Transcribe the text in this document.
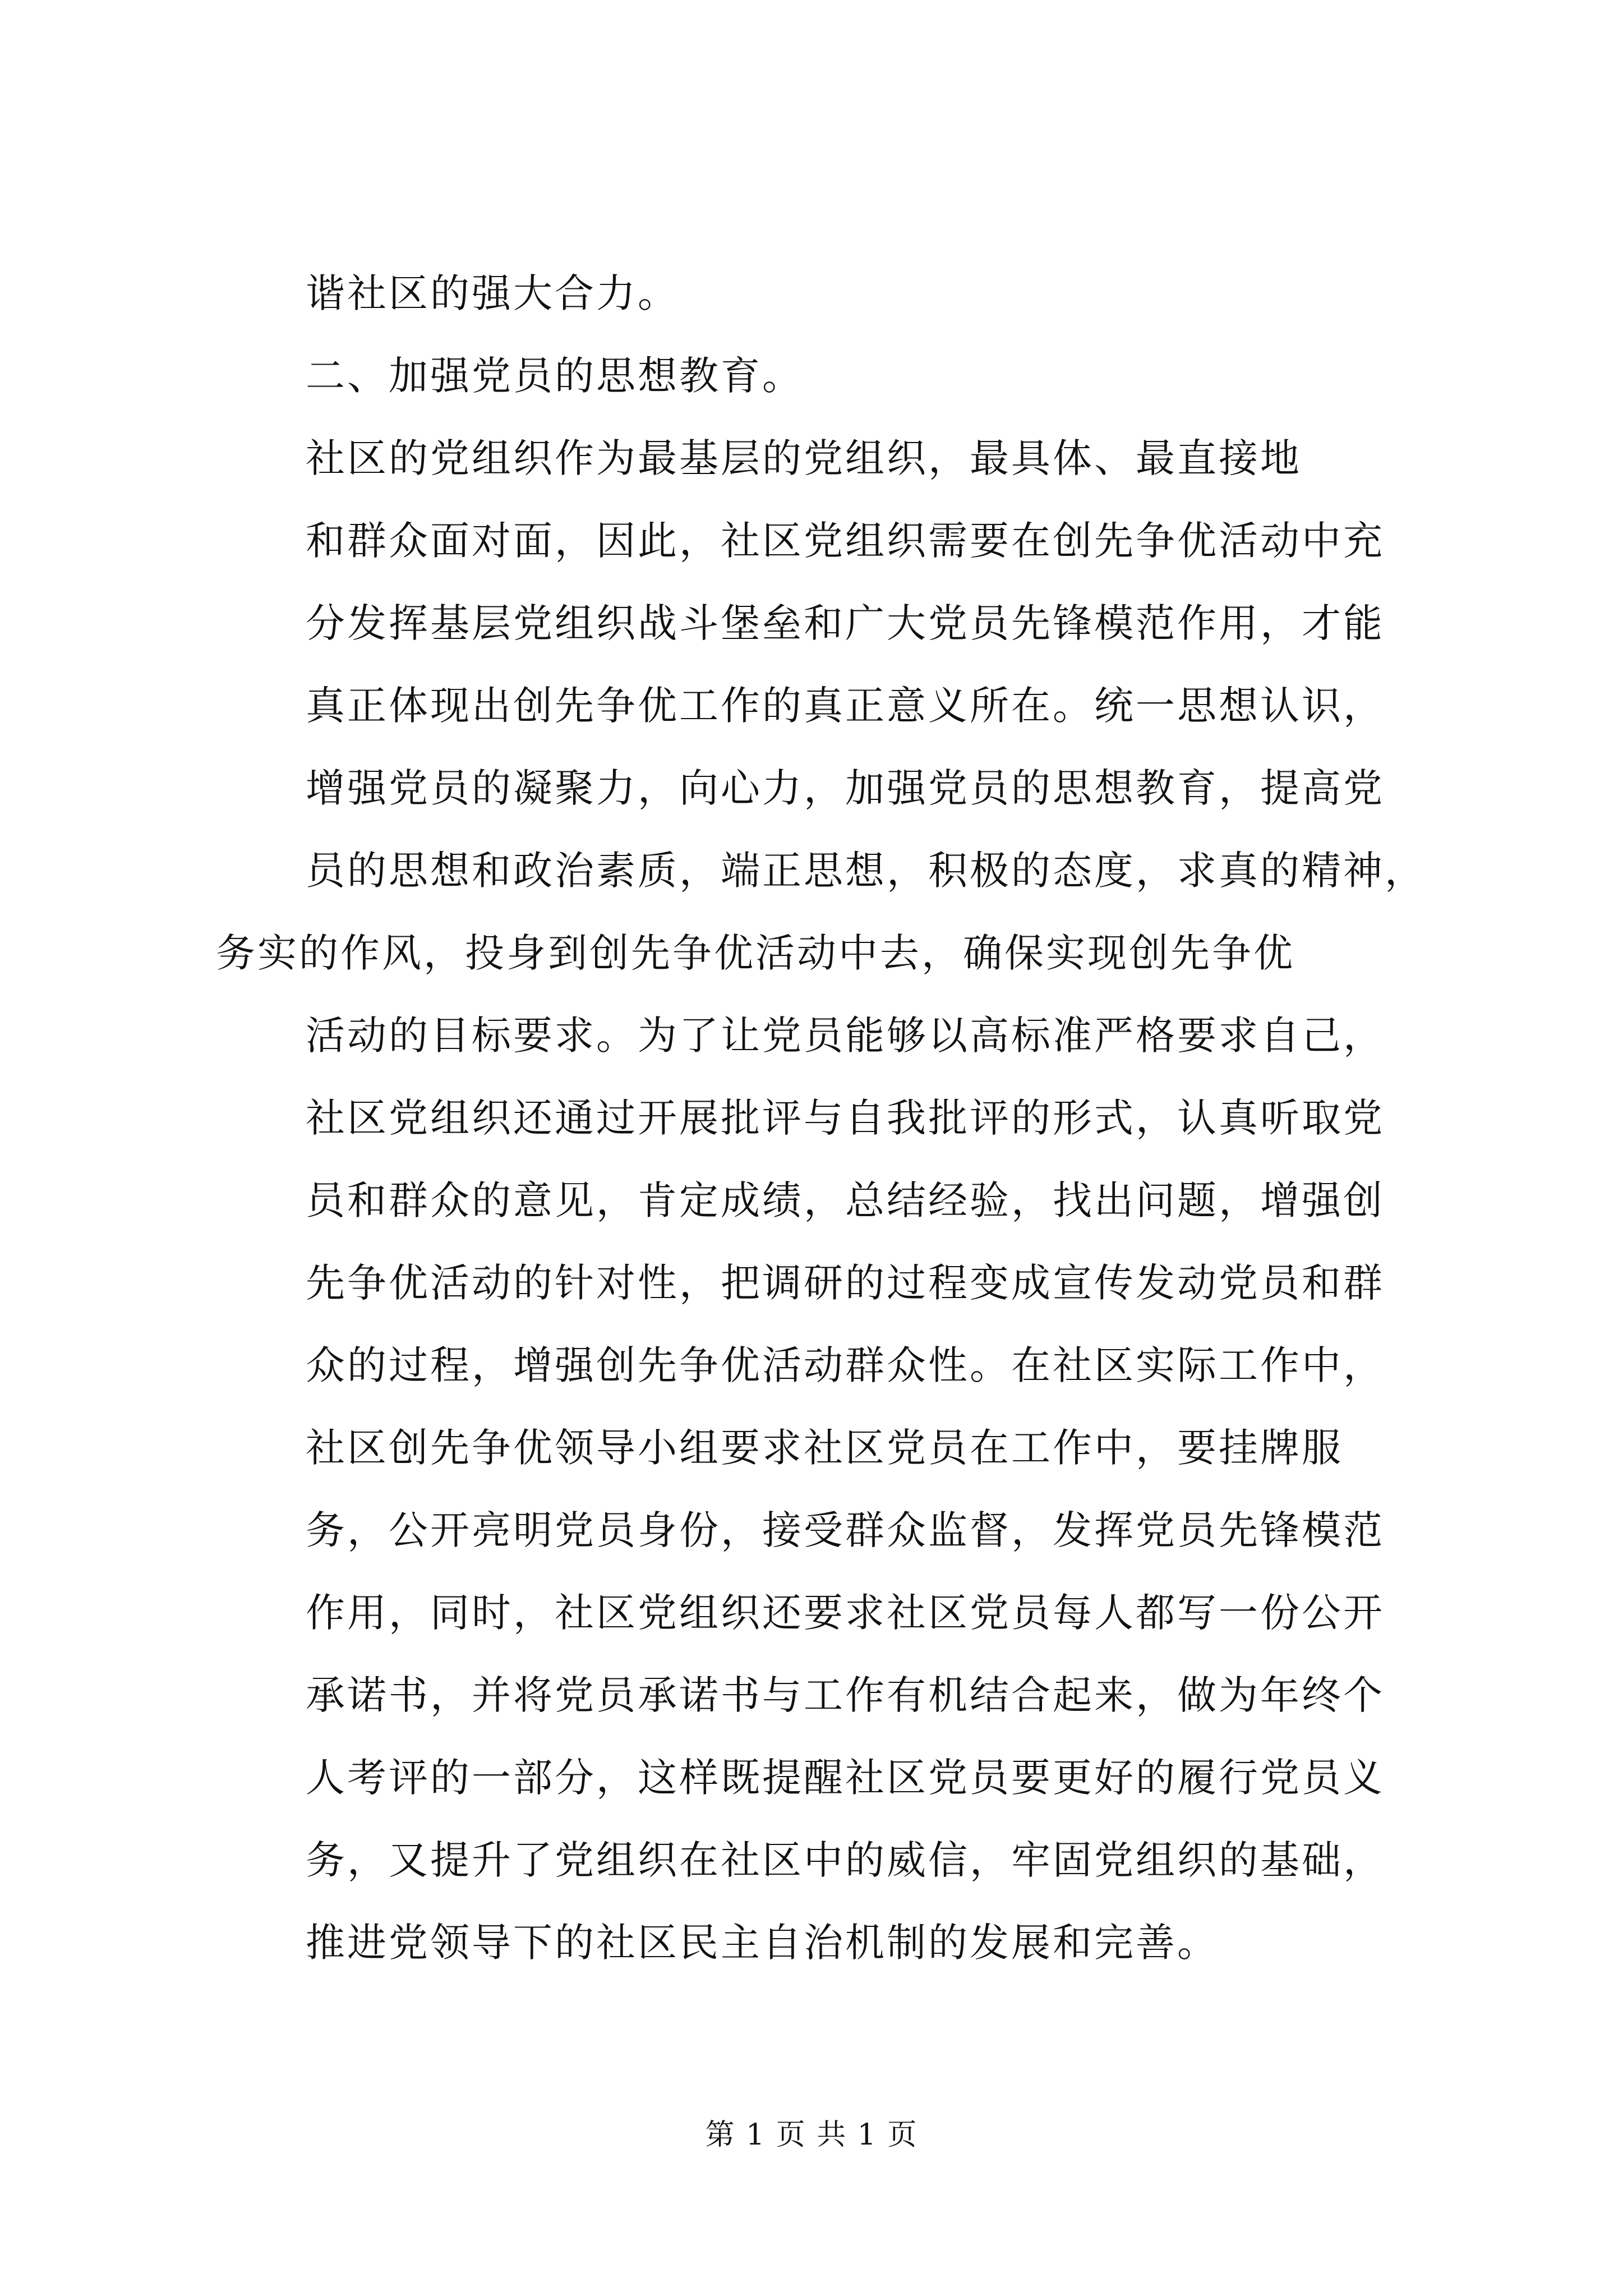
谐社区的强大合力。
二、加强党员的思想教育。
社区的党组织作为最基层的党组织，最具体、最直接地
和群众面对面，因此，社区党组织需要在创先争优活动中充
分发挥基层党组织战斗堡垒和广大党员先锋模范作用，才能
真正体现出创先争优工作的真正意义所在。统一思想认识，
增强党员的凝聚力，向心力，加强党员的思想教育，提高党
员的思想和政治素质，端正思想，积极的态度，求真的精神，
务实的作风，投身到创先争优活动中去，确保实现创先争优
活动的目标要求。为了让党员能够以高标准严格要求自己，
社区党组织还通过开展批评与自我批评的形式，认真听取党
员和群众的意见，肯定成绩，总结经验，找出问题，增强创
先争优活动的针对性，把调研的过程变成宣传发动党员和群
众的过程，增强创先争优活动群众性。在社区实际工作中，
社区创先争优领导小组要求社区党员在工作中，要挂牌服
务，公开亮明党员身份，接受群众监督，发挥党员先锋模范
作用，同时，社区党组织还要求社区党员每人都写一份公开
承诺书，并将党员承诺书与工作有机结合起来，做为年终个
人考评的一部分，这样既提醒社区党员要更好的履行党员义
务，又提升了党组织在社区中的威信，牢固党组织的基础，
推进党领导下的社区民主自治机制的发展和完善。
第 1 页 共 1 页
